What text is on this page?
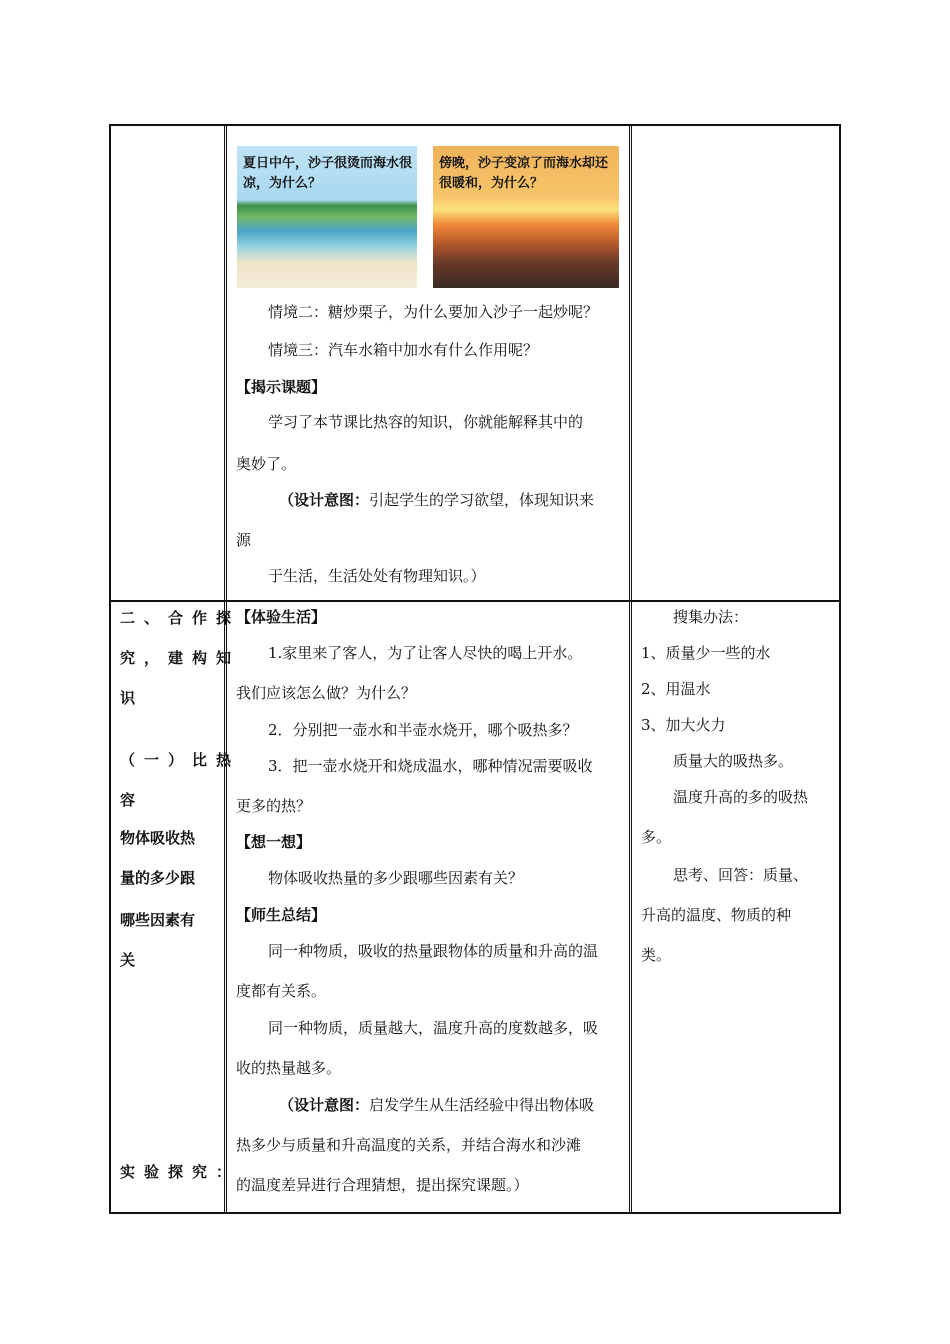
夏日中午，沙子很烫而海水很凉，为什么？
傍晚，沙子变凉了而海水却还很暖和，为什么？
情境二：糖炒栗子，为什么要加入沙子一起炒呢？
情境三：汽车水箱中加水有什么作用呢？
【揭示课题】
学习了本节课比热容的知识，你就能解释其中的
奥妙了。
（设计意图：引起学生的学习欲望，体现知识来
源
于生活，生活处处有物理知识。）
二、合作探
究，建构知
识
（一）比热
容
物体吸收热
量的多少跟
哪些因素有
关
实验探究：
【体验生活】
1.家里来了客人，为了让客人尽快的喝上开水。
我们应该怎么做？为什么？
2．分别把一壶水和半壶水烧开，哪个吸热多？
3．把一壶水烧开和烧成温水，哪种情况需要吸收
更多的热？
【想一想】
物体吸收热量的多少跟哪些因素有关？
【师生总结】
同一种物质，吸收的热量跟物体的质量和升高的温
度都有关系。
同一种物质，质量越大，温度升高的度数越多，吸
收的热量越多。
（设计意图：启发学生从生活经验中得出物体吸
热多少与质量和升高温度的关系，并结合海水和沙滩
的温度差异进行合理猜想，提出探究课题。）
搜集办法：
1、质量少一些的水
2、用温水
3、加大火力
质量大的吸热多。
温度升高的多的吸热
多。
思考、回答：质量、
升高的温度、物质的种
类。
